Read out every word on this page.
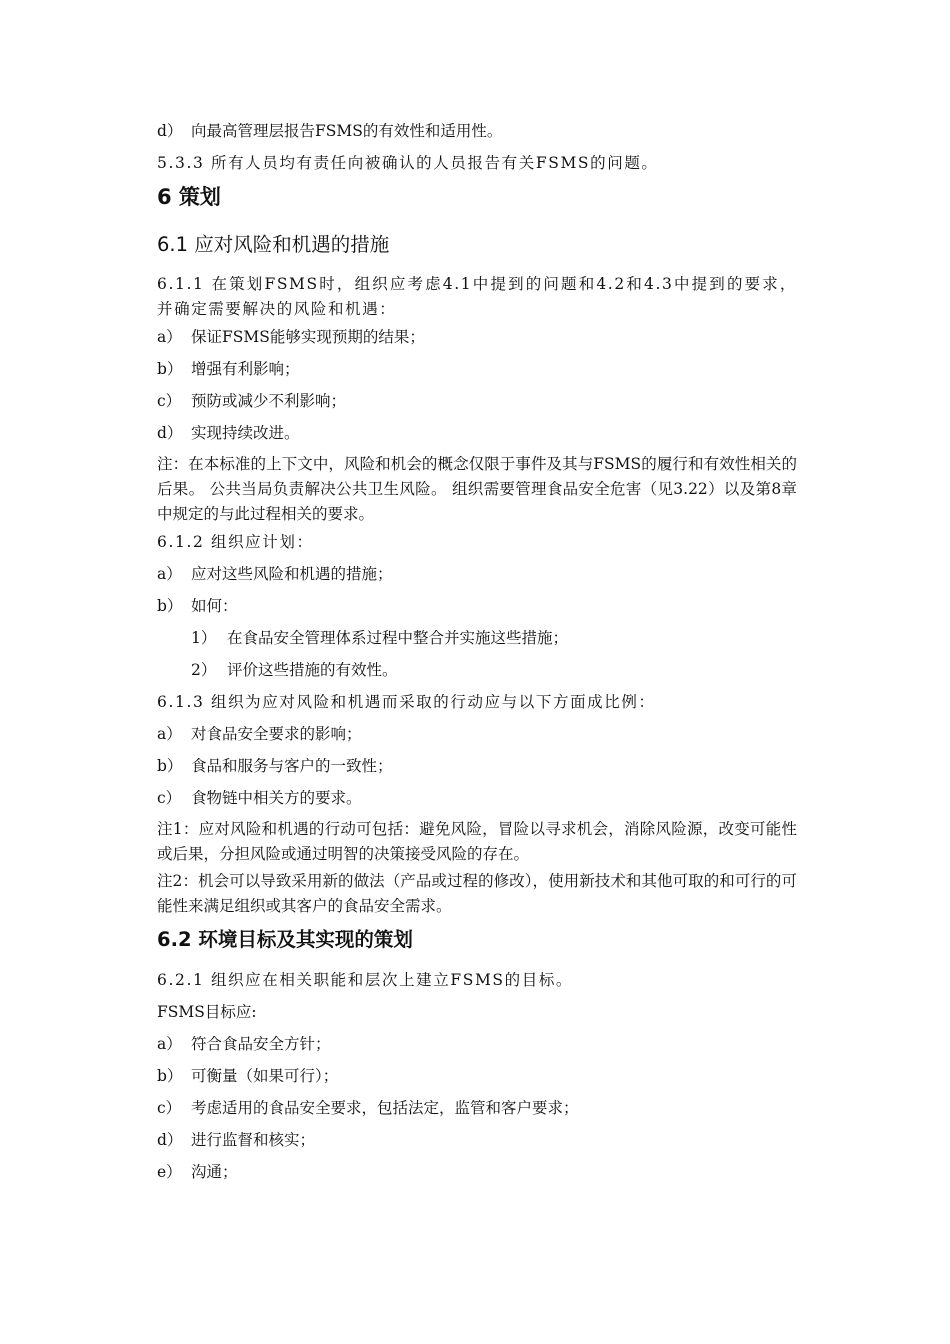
d） 向最高管理层报告FSMS的有效性和适用性。

5.3.3 所有人员均有责任向被确认的人员报告有关FSMS的问题。

6 策划
6.1 应对风险和机遇的措施

6.1.1 在策划FSMS时，组织应考虑4.1中提到的问题和4.2和4.3中提到的要求，并确定需要解决的风险和机遇：

a） 保证FSMS能够实现预期的结果；
b） 增强有利影响；
c） 预防或减少不利影响；
d） 实现持续改进。

注：在本标准的上下文中，风险和机会的概念仅限于事件及其与FSMS的履行和有效性相关的后果。 公共当局负责解决公共卫生风险。 组织需要管理食品安全危害（见3.22）以及第8章中规定的与此过程相关的要求。

6.1.2 组织应计划：

a） 应对这些风险和机遇的措施；
b） 如何：
1） 在食品安全管理体系过程中整合并实施这些措施；
2） 评价这些措施的有效性。

6.1.3 组织为应对风险和机遇而采取的行动应与以下方面成比例：

a） 对食品安全要求的影响；
b） 食品和服务与客户的一致性；
c） 食物链中相关方的要求。

注1：应对风险和机遇的行动可包括：避免风险，冒险以寻求机会，消除风险源，改变可能性或后果，分担风险或通过明智的决策接受风险的存在。

注2：机会可以导致采用新的做法（产品或过程的修改），使用新技术和其他可取的和可行的可能性来满足组织或其客户的食品安全需求。

6.2 环境目标及其实现的策划

6.2.1 组织应在相关职能和层次上建立FSMS的目标。

FSMS目标应:

a） 符合食品安全方针；
b） 可衡量（如果可行）；
c） 考虑适用的食品安全要求，包括法定，监管和客户要求；
d） 进行监督和核实；
e） 沟通；
